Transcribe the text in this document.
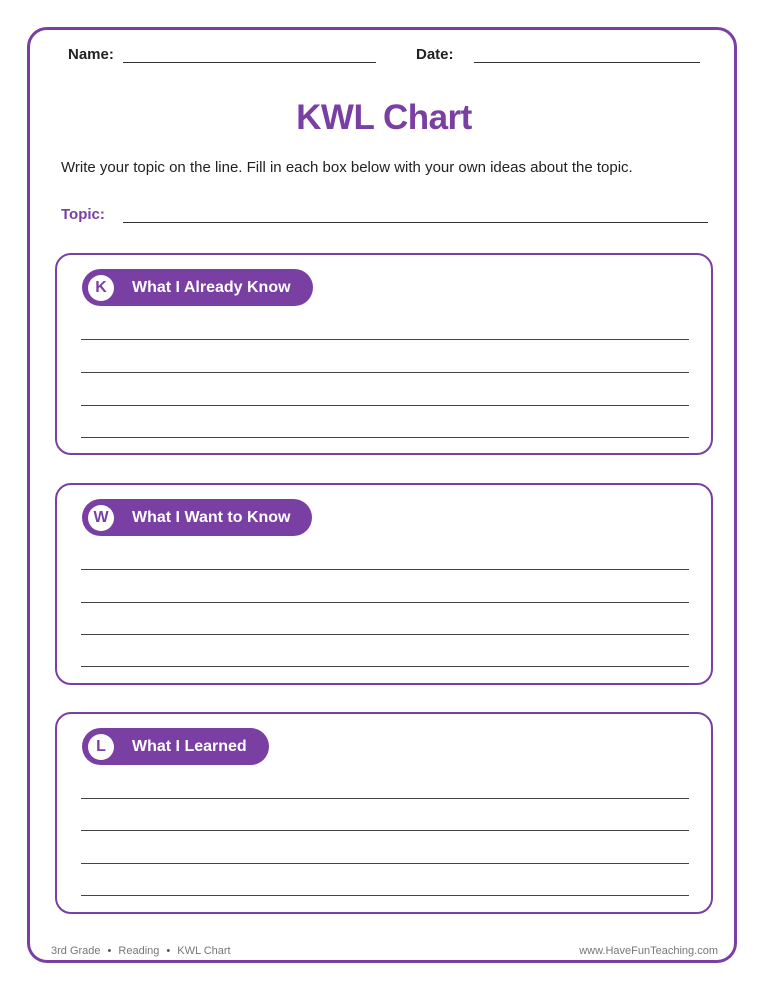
Name:	Date:
KWL Chart
Write your topic on the line. Fill in each box below with your own ideas about the topic.
Topic:
K	What I Already Know
W	What I Want to Know
L	What I Learned
3rd Grade • Reading • KWL Chart	www.HaveFunTeaching.com
